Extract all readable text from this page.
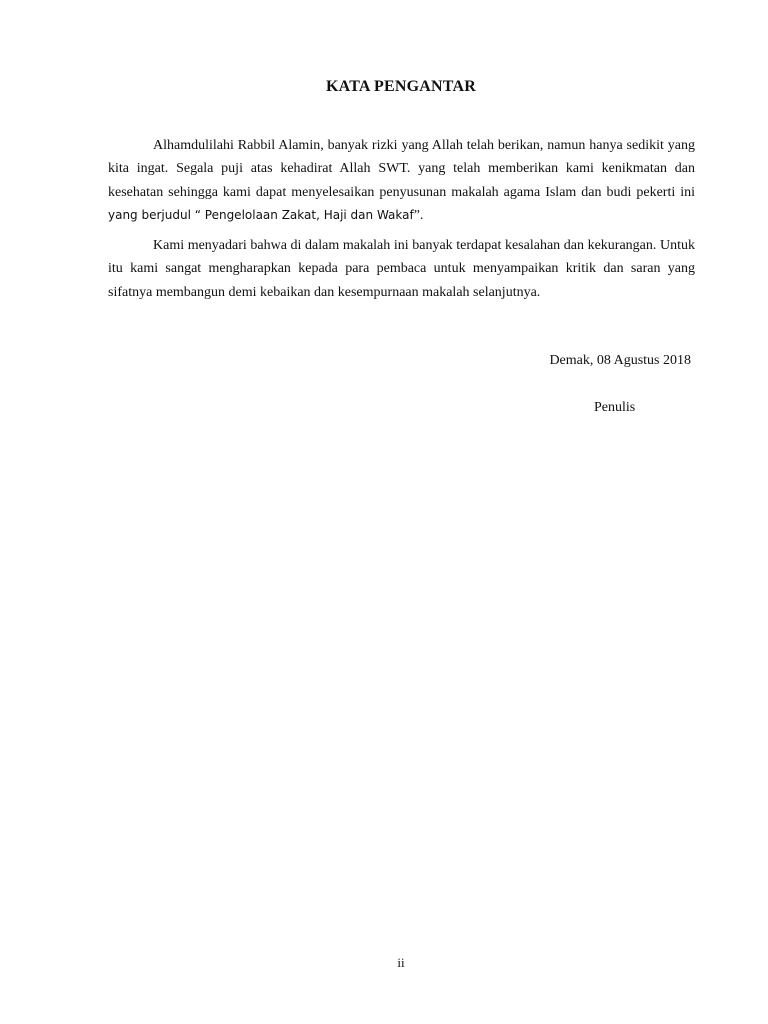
KATA PENGANTAR

Alhamdulilahi Rabbil Alamin, banyak rizki yang Allah telah berikan, namun hanya sedikit yang kita ingat. Segala puji atas kehadirat Allah SWT. yang telah memberikan kami kenikmatan dan kesehatan sehingga kami dapat menyelesaikan penyusunan makalah agama Islam dan budi pekerti ini yang berjudul “ Pengelolaan Zakat, Haji dan Wakaf”.

Kami menyadari bahwa di dalam makalah ini banyak terdapat kesalahan dan kekurangan. Untuk itu kami sangat mengharapkan kepada para pembaca untuk menyampaikan kritik dan saran yang sifatnya membangun demi kebaikan dan kesempurnaan makalah selanjutnya.

Demak, 08 Agustus 2018
Penulis
ii
